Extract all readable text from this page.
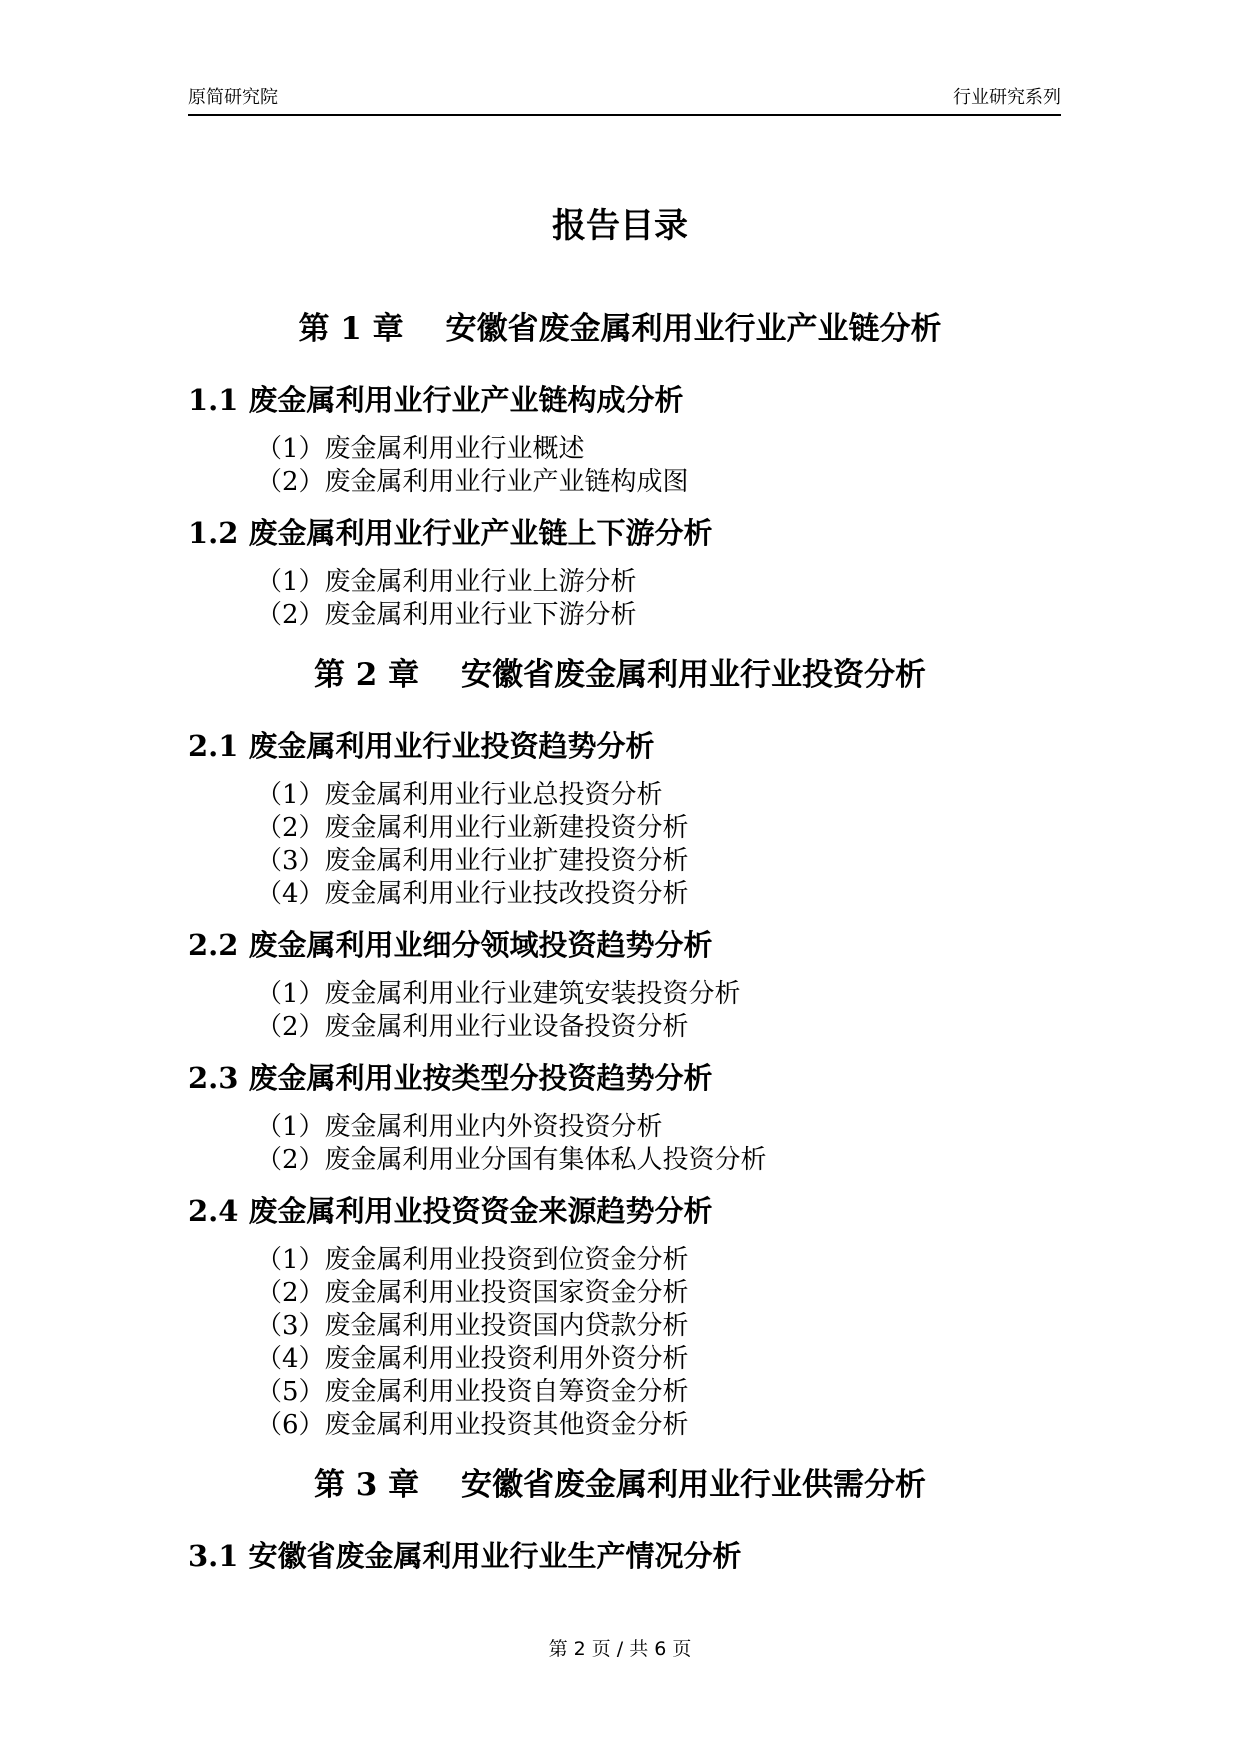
原简研究院	行业研究系列
报告目录
第 1 章　 安徽省废金属利用业行业产业链分析
1.1 废金属利用业行业产业链构成分析
（1）废金属利用业行业概述
（2）废金属利用业行业产业链构成图
1.2 废金属利用业行业产业链上下游分析
（1）废金属利用业行业上游分析
（2）废金属利用业行业下游分析
第 2 章　 安徽省废金属利用业行业投资分析
2.1 废金属利用业行业投资趋势分析
（1）废金属利用业行业总投资分析
（2）废金属利用业行业新建投资分析
（3）废金属利用业行业扩建投资分析
（4）废金属利用业行业技改投资分析
2.2 废金属利用业细分领域投资趋势分析
（1）废金属利用业行业建筑安装投资分析
（2）废金属利用业行业设备投资分析
2.3 废金属利用业按类型分投资趋势分析
（1）废金属利用业内外资投资分析
（2）废金属利用业分国有集体私人投资分析
2.4 废金属利用业投资资金来源趋势分析
（1）废金属利用业投资到位资金分析
（2）废金属利用业投资国家资金分析
（3）废金属利用业投资国内贷款分析
（4）废金属利用业投资利用外资分析
（5）废金属利用业投资自筹资金分析
（6）废金属利用业投资其他资金分析
第 3 章　 安徽省废金属利用业行业供需分析
3.1 安徽省废金属利用业行业生产情况分析
第 2 页 / 共 6 页
